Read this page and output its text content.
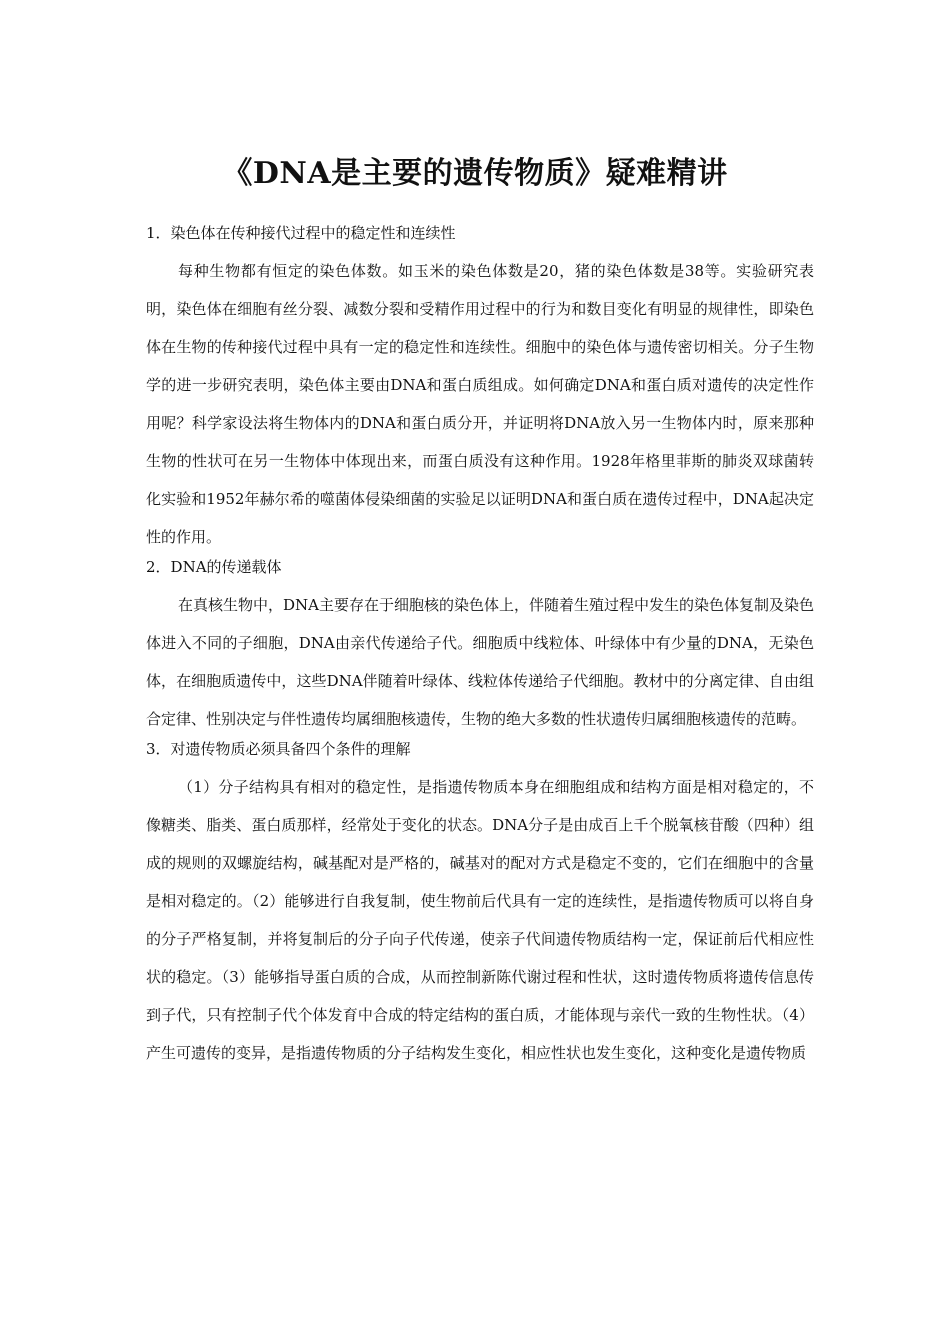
《DNA是主要的遗传物质》疑难精讲

1．染色体在传种接代过程中的稳定性和连续性

每种生物都有恒定的染色体数。如玉米的染色体数是20，猪的染色体数是38等。实验研究表明，染色体在细胞有丝分裂、减数分裂和受精作用过程中的行为和数目变化有明显的规律性，即染色体在生物的传种接代过程中具有一定的稳定性和连续性。细胞中的染色体与遗传密切相关。分子生物学的进一步研究表明，染色体主要由DNA和蛋白质组成。如何确定DNA和蛋白质对遗传的决定性作用呢？科学家设法将生物体内的DNA和蛋白质分开，并证明将DNA放入另一生物体内时，原来那种生物的性状可在另一生物体中体现出来，而蛋白质没有这种作用。1928年格里菲斯的肺炎双球菌转化实验和1952年赫尔希的噬菌体侵染细菌的实验足以证明DNA和蛋白质在遗传过程中，DNA起决定性的作用。

2．DNA的传递载体

在真核生物中，DNA主要存在于细胞核的染色体上，伴随着生殖过程中发生的染色体复制及染色体进入不同的子细胞，DNA由亲代传递给子代。细胞质中线粒体、叶绿体中有少量的DNA，无染色体，在细胞质遗传中，这些DNA伴随着叶绿体、线粒体传递给子代细胞。教材中的分离定律、自由组合定律、性别决定与伴性遗传均属细胞核遗传，生物的绝大多数的性状遗传归属细胞核遗传的范畴。

3．对遗传物质必须具备四个条件的理解

（1）分子结构具有相对的稳定性，是指遗传物质本身在细胞组成和结构方面是相对稳定的，不像糖类、脂类、蛋白质那样，经常处于变化的状态。DNA分子是由成百上千个脱氧核苷酸（四种）组成的规则的双螺旋结构，碱基配对是严格的，碱基对的配对方式是稳定不变的，它们在细胞中的含量是相对稳定的。（2）能够进行自我复制，使生物前后代具有一定的连续性，是指遗传物质可以将自身的分子严格复制，并将复制后的分子向子代传递，使亲子代间遗传物质结构一定，保证前后代相应性状的稳定。（3）能够指导蛋白质的合成，从而控制新陈代谢过程和性状，这时遗传物质将遗传信息传到子代，只有控制子代个体发育中合成的特定结构的蛋白质，才能体现与亲代一致的生物性状。（4）产生可遗传的变异，是指遗传物质的分子结构发生变化，相应性状也发生变化，这种变化是遗传物质
